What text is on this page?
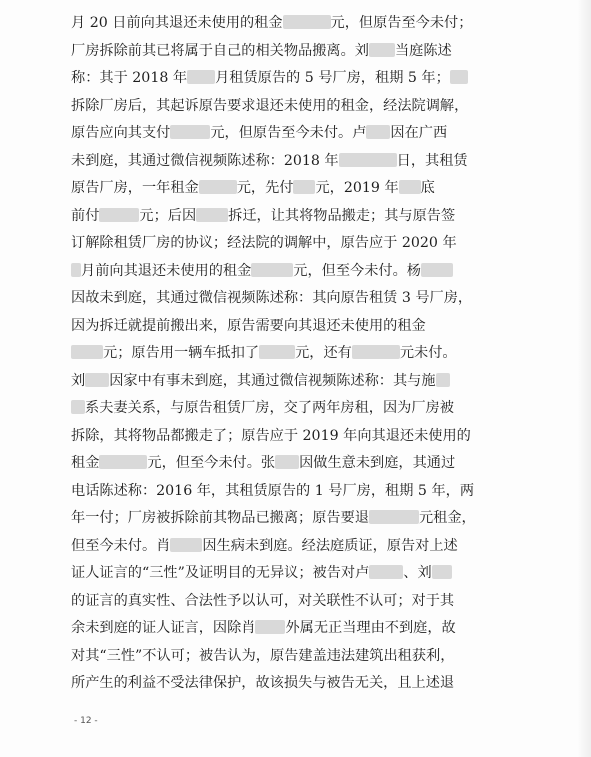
月 20 日前向其退还未使用的租金	元，但原告至今未付；
厂房拆除前其已将属于自己的相关物品搬离。刘 当庭陈述
称：其于 2018 年 月租赁原告的 5 号厂房，租期 5 年；
拆除厂房后，其起诉原告要求退还未使用的租金，经法院调解，
原告应向其支付	元，但原告至今未付。卢 因在广西
未到庭，其通过微信视频陈述称：2018 年	日，其租赁
原告厂房，一年租金	元，先付 元，2019 年 底
前付	元；后因 拆迁，让其将物品搬走；其与原告签
订解除租赁厂房的协议；经法院的调解中，原告应于 2020 年
月前向其退还未使用的租金	元，但至今未付。杨
因故未到庭，其通过微信视频陈述称：其向原告租赁 3 号厂房，
因为拆迁就提前搬出来，原告需要向其退还未使用的租金
元；原告用一辆车抵扣了	元，还有	元未付。
刘 因家中有事未到庭，其通过微信视频陈述称：其与施
系夫妻关系，与原告租赁厂房，交了两年房租，因为厂房被
拆除，其将物品都搬走了；原告应于 2019 年向其退还未使用的
租金	元，但至今未付。张 因做生意未到庭，其通过
电话陈述称：2016 年，其租赁原告的 1 号厂房，租期 5 年，两
年一付；厂房被拆除前其物品已搬离；原告要退	元租金，
但至今未付。肖 因生病未到庭。经法庭质证，原告对上述
证人证言的“三性”及证明目的无异议；被告对卢 、刘
的证言的真实性、合法性予以认可，对关联性不认可；对于其
余未到庭的证人证言，因除肖 外属无正当理由不到庭，故
对其“三性”不认可；被告认为，原告建盖违法建筑出租获利，
所产生的利益不受法律保护，故该损失与被告无关，且上述退
- 12 -
